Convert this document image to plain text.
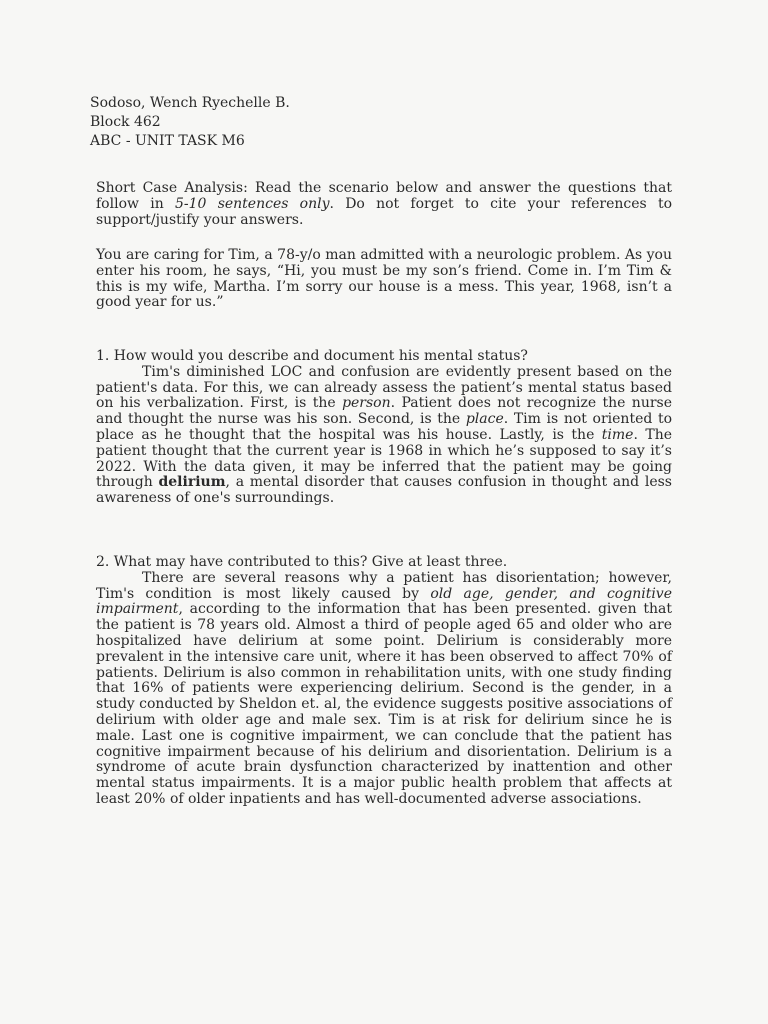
Sodoso, Wench Ryechelle B.
Block 462
ABC - UNIT TASK M6

Short Case Analysis: Read the scenario below and answer the questions that follow in 5-10 sentences only. Do not forget to cite your references to support/justify your answers.

You are caring for Tim, a 78-y/o man admitted with a neurologic problem. As you enter his room, he says, “Hi, you must be my son’s friend. Come in. I’m Tim & this is my wife, Martha. I’m sorry our house is a mess. This year, 1968, isn’t a good year for us.”

1. How would you describe and document his mental status?

Tim's diminished LOC and confusion are evidently present based on the patient's data. For this, we can already assess the patient’s mental status based on his verbalization. First, is the person. Patient does not recognize the nurse and thought the nurse was his son. Second, is the place. Tim is not oriented to place as he thought that the hospital was his house. Lastly, is the time. The patient thought that the current year is 1968 in which he’s supposed to say it’s 2022. With the data given, it may be inferred that the patient may be going through delirium, a mental disorder that causes confusion in thought and less awareness of one's surroundings.

2. What may have contributed to this? Give at least three.

There are several reasons why a patient has disorientation; however, Tim's condition is most likely caused by old age, gender, and cognitive impairment, according to the information that has been presented. given that the patient is 78 years old. Almost a third of people aged 65 and older who are hospitalized have delirium at some point. Delirium is considerably more prevalent in the intensive care unit, where it has been observed to affect 70% of patients. Delirium is also common in rehabilitation units, with one study finding that 16% of patients were experiencing delirium. Second is the gender, in a study conducted by Sheldon et. al, the evidence suggests positive associations of delirium with older age and male sex. Tim is at risk for delirium since he is male. Last one is cognitive impairment, we can conclude that the patient has cognitive impairment because of his delirium and disorientation. Delirium is a syndrome of acute brain dysfunction characterized by inattention and other mental status impairments. It is a major public health problem that affects at least 20% of older inpatients and has well-documented adverse associations.
